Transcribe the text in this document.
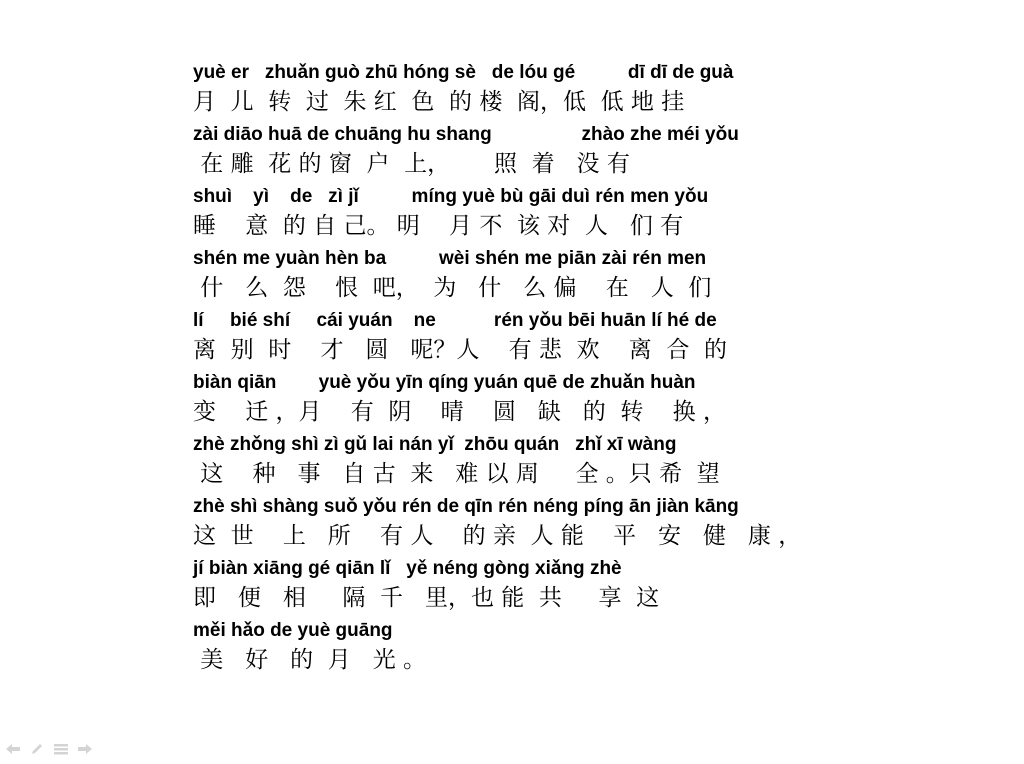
yuè er   zhuǎn guò zhū hóng sè   de lóu gé          dī dī de guà
月  儿  转  过  朱 红  色  的 楼  阁，低  低 地 挂
zài diāo huā de chuāng hu shang                 zhào zhe méi yǒu
在 雕  花 的 窗  户  上，      照  着   没 有
shuì    yì    de   zì jǐ          míng yuè bù gāi duì rén men yǒu
睡    意  的 自 己。 明    月 不  该 对  人   们 有
shén me yuàn hèn ba          wèi shén me piān zài rén men
什   么  怨    恨  吧，  为   什   么 偏    在   人  们
lí     bié shí     cái yuán    ne           rén yǒu bēi huān lí hé de
离  别  时    才   圆   呢？人    有 悲  欢    离  合  的
biàn qiān        yuè yǒu yīn qíng yuán quē de zhuǎn huàn
变    迁 ，月    有  阴    晴    圆   缺   的  转    换 ，
zhè zhǒng shì zì gǔ lai nán yǐ  zhōu quán   zhǐ xī wàng
这    种   事   自 古  来   难 以 周     全 。只 希  望
zhè shì shàng suǒ yǒu rén de qīn rén néng píng ān jiàn kāng
这  世    上   所    有 人    的 亲  人 能    平   安   健   康 ，
jí biàn xiāng gé qiān lǐ   yě néng gòng xiǎng zhè
即   便   相     隔  千   里，也 能  共     享  这
měi hǎo de yuè guāng
美   好   的  月   光 。
